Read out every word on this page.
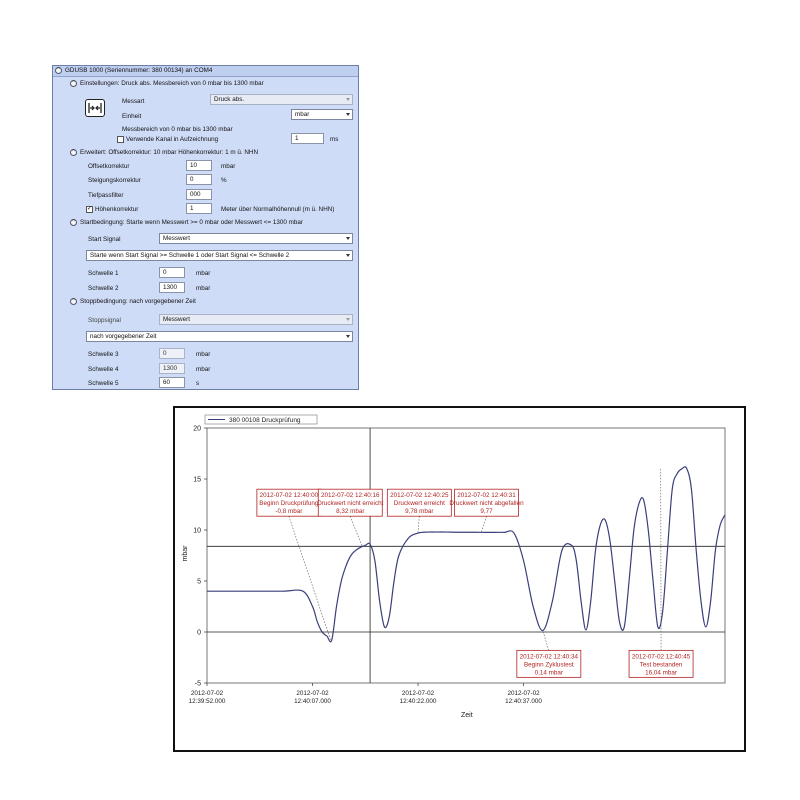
^ GDUSB 1000 (Seriennummer: 380 00134) an COM4
^ Einstellungen: Druck abs. Messbereich von 0 mbar bis 1300 mbar
Messart	Druck abs.
Einheit	mbar
Messbereich von 0 mbar bis 1300 mbar
Verwende Kanal in Aufzeichnung	1	ms
^ Erweitert: Offsetkorrektur: 10 mbar Höhenkorrektur: 1 m ü. NHN
Offsetkorrektur	10	mbar
Steigungskorrektur	0	%
Tiefpassfilter	000
✓ Höhenkorrektur	1	Meter über Normalhöhennull (m ü. NHN)
^ Startbedingung: Starte wenn Messwert >= 0 mbar oder Messwert <= 1300 mbar
Start Signal	Messwert
Starte wenn Start Signal >= Schwelle 1 oder Start Signal <= Schwelle 2
Schwelle 1	0	mbar
Schwelle 2	1300	mbar
^ Stoppbedingung: nach vorgegebener Zeit
Stoppsignal	Messwert
nach vorgegebener Zeit
Schwelle 3	0	mbar
Schwelle 4	1300	mbar
Schwelle 5	60	s
380 00108 Druckprüfung
mbar
Zeit
-5
0
5
10
15
20
2012-07-02
12:39:52.000
2012-07-02
12:40:07.000
2012-07-02
12:40:22.000
2012-07-02
12:40:37.000
2012-07-02 12:40:00
Beginn Druckprüfung
-0,8 mbar
2012-07-02 12:40:16
Druckwert nicht erreicht
8,32 mbar
2012-07-02 12:40:25
Druckwert erreicht
9,78 mbar
2012-07-02 12:40:31
Druckwert nicht abgefallen
9,77
2012-07-02 12:40:34
Beginn Zyklustest
0,14 mbar
2012-07-02 12:40:45
Test bestanden
16,04 mbar
